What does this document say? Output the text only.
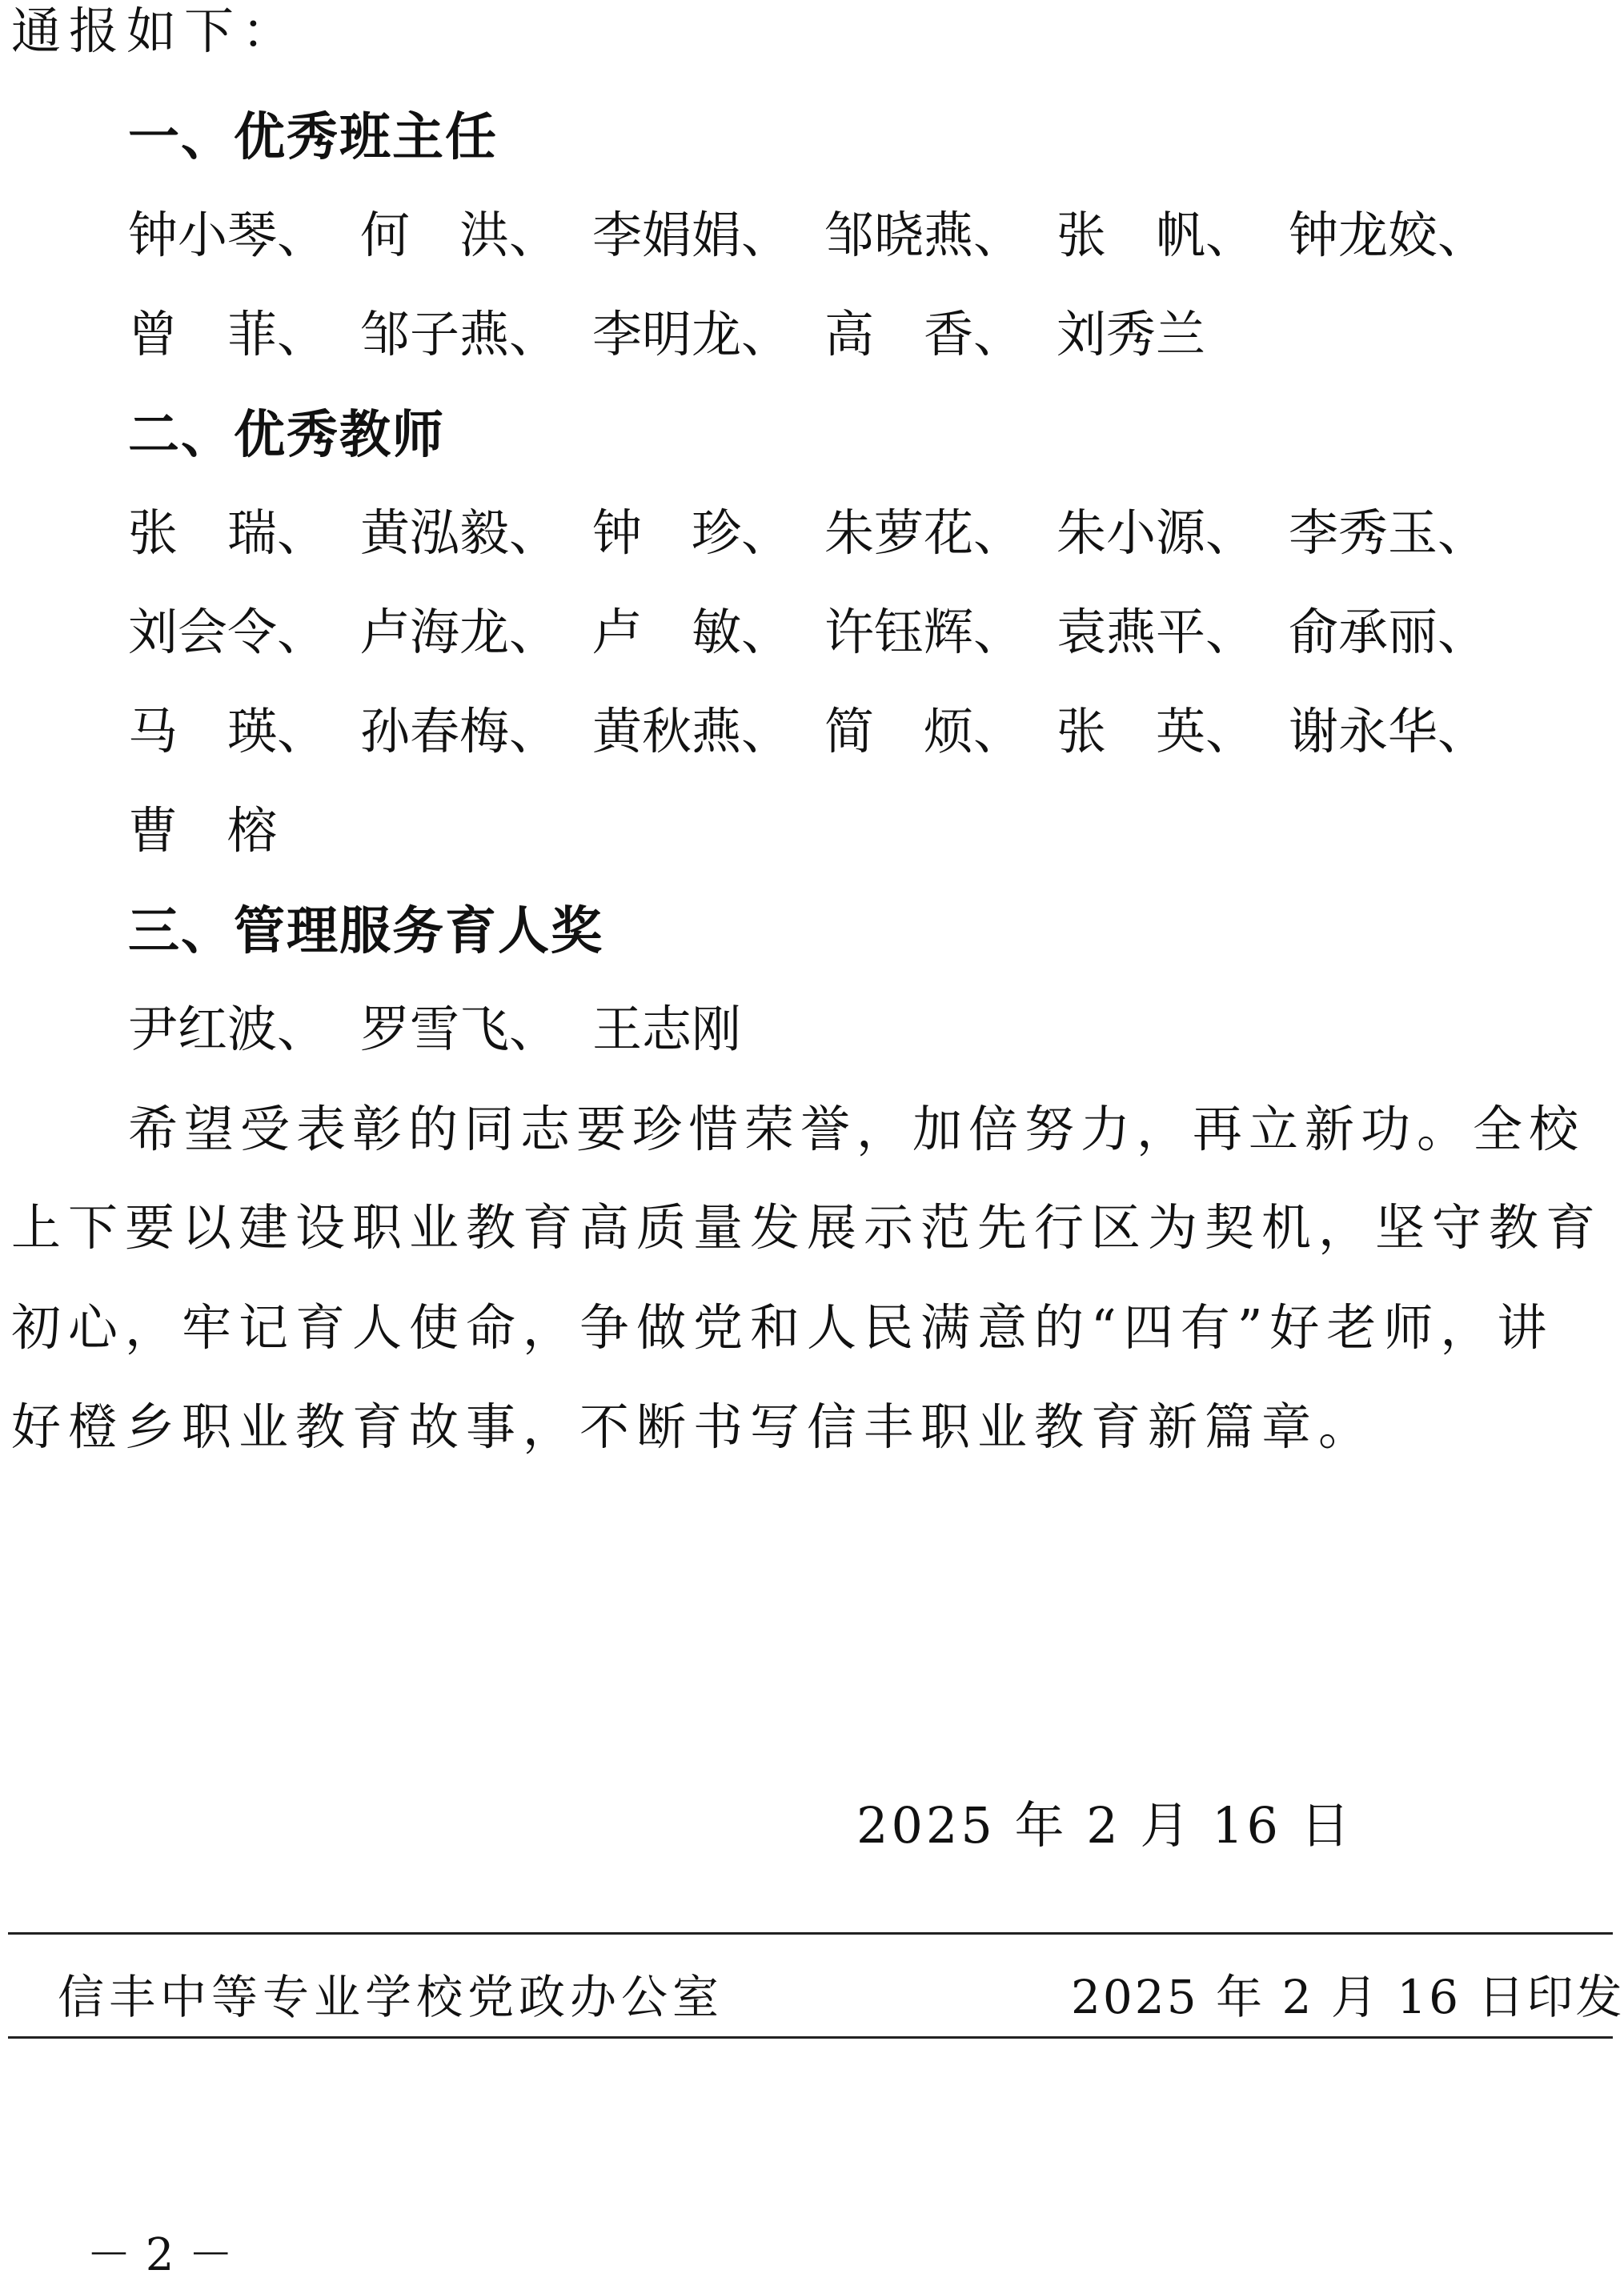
通报如下：
一、优秀班主任
钟小琴、 何　洪、 李娟娟、 邹晓燕、 张　帆、 钟龙姣、
曾　菲、 邹子燕、 李明龙、 高　香、 刘秀兰
二、优秀教师
张　瑞、 黄泓毅、 钟　珍、 朱萝花、 朱小源、 李秀玉、
刘会令、 卢海龙、 卢　敏、 许钰辉、 袁燕平、 俞承丽、
马　瑛、 孙春梅、 黄秋燕、 简　烦、 张　英、 谢永华、
曹　榕
三、管理服务育人奖
尹红波、 罗雪飞、 王志刚
希望受表彰的同志要珍惜荣誉，加倍努力，再立新功。全校
上下要以建设职业教育高质量发展示范先行区为契机，坚守教育
初心，牢记育人使命，争做党和人民满意的“四有”好老师，讲
好橙乡职业教育故事，不断书写信丰职业教育新篇章。
2025 年 2 月 16 日
信丰中等专业学校党政办公室	2025 年 2 月 16 日印发
－ 2 －
